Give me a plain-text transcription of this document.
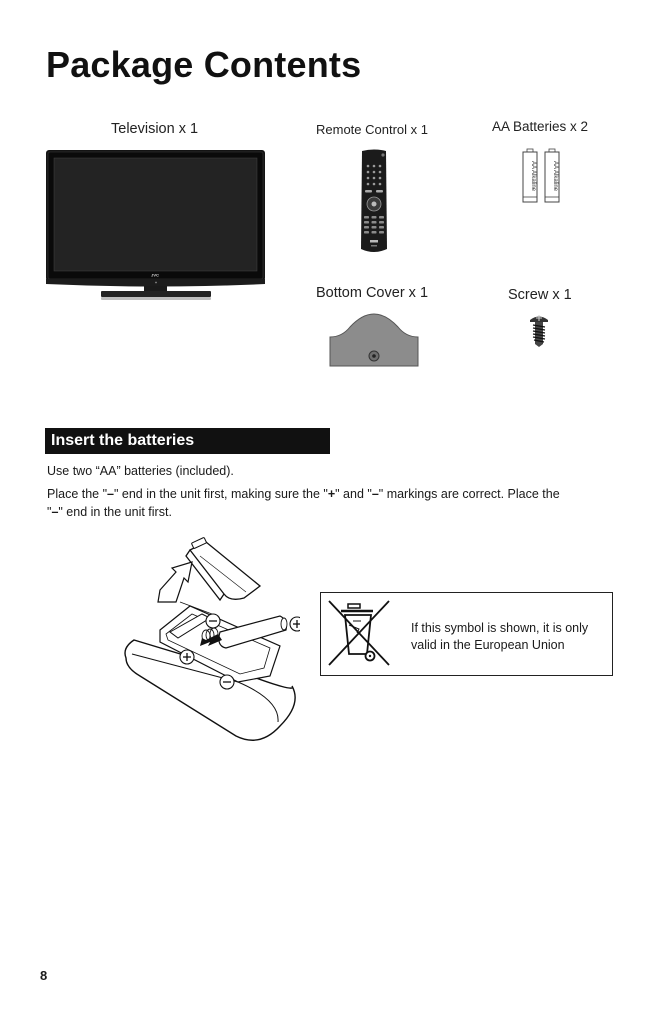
Package Contents
Television x 1	Remote Control x 1	AA Batteries x 2
Bottom Cover x 1	Screw x 1
JVC
AA Alkaline	AA Alkaline
Insert the batteries
Use two “AA” batteries (included).
Place the "–" end in the unit first, making sure the "+" and "–" markings are correct. Place the
"–" end in the unit first.
If this symbol is shown, it is only valid in the European Union
8
